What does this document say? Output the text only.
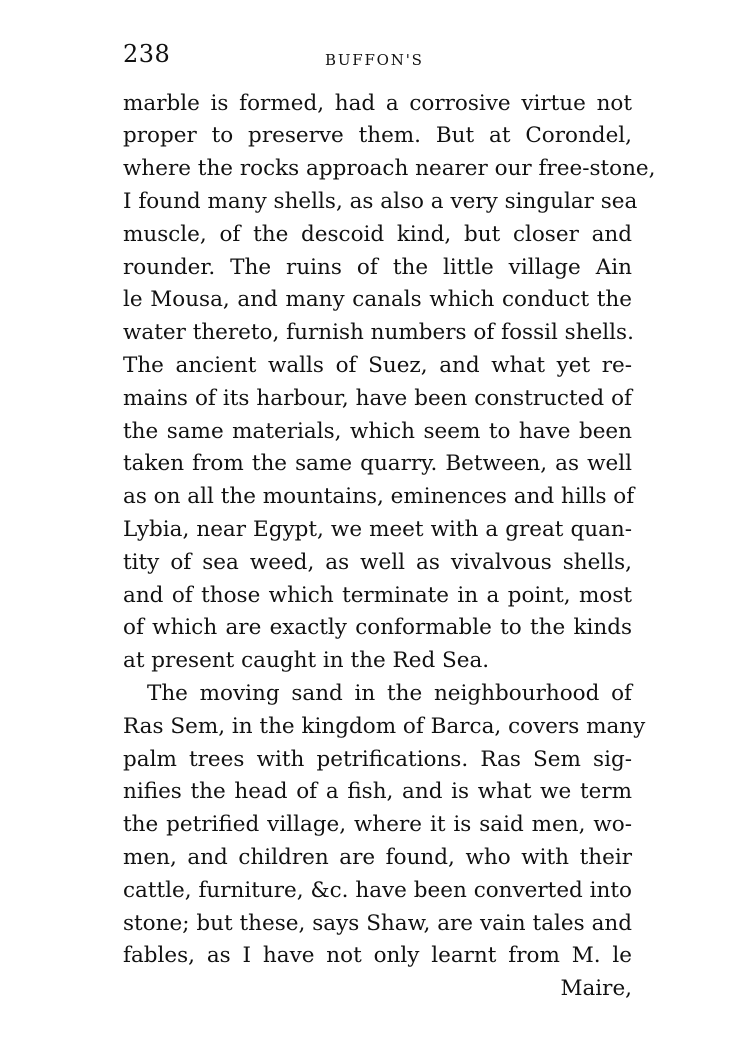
238	BUFFON'S
marble is formed, had a corrosive virtue not
proper to preserve them. But at Corondel,
where the rocks approach nearer our free-stone,
I found many shells, as also a very singular sea
muscle, of the descoid kind, but closer and
rounder. The ruins of the little village Ain
le Mousa, and many canals which conduct the
water thereto, furnish numbers of fossil shells.
The ancient walls of Suez, and what yet re-
mains of its harbour, have been constructed of
the same materials, which seem to have been
taken from the same quarry. Between, as well
as on all the mountains, eminences and hills of
Lybia, near Egypt, we meet with a great quan-
tity of sea weed, as well as vivalvous shells,
and of those which terminate in a point, most
of which are exactly conformable to the kinds
at present caught in the Red Sea.
The moving sand in the neighbourhood of
Ras Sem, in the kingdom of Barca, covers many
palm trees with petrifications. Ras Sem sig-
nifies the head of a fish, and is what we term
the petrified village, where it is said men, wo-
men, and children are found, who with their
cattle, furniture, &c. have been converted into
stone; but these, says Shaw, are vain tales and
fables, as I have not only learnt from M. le
Maire,
